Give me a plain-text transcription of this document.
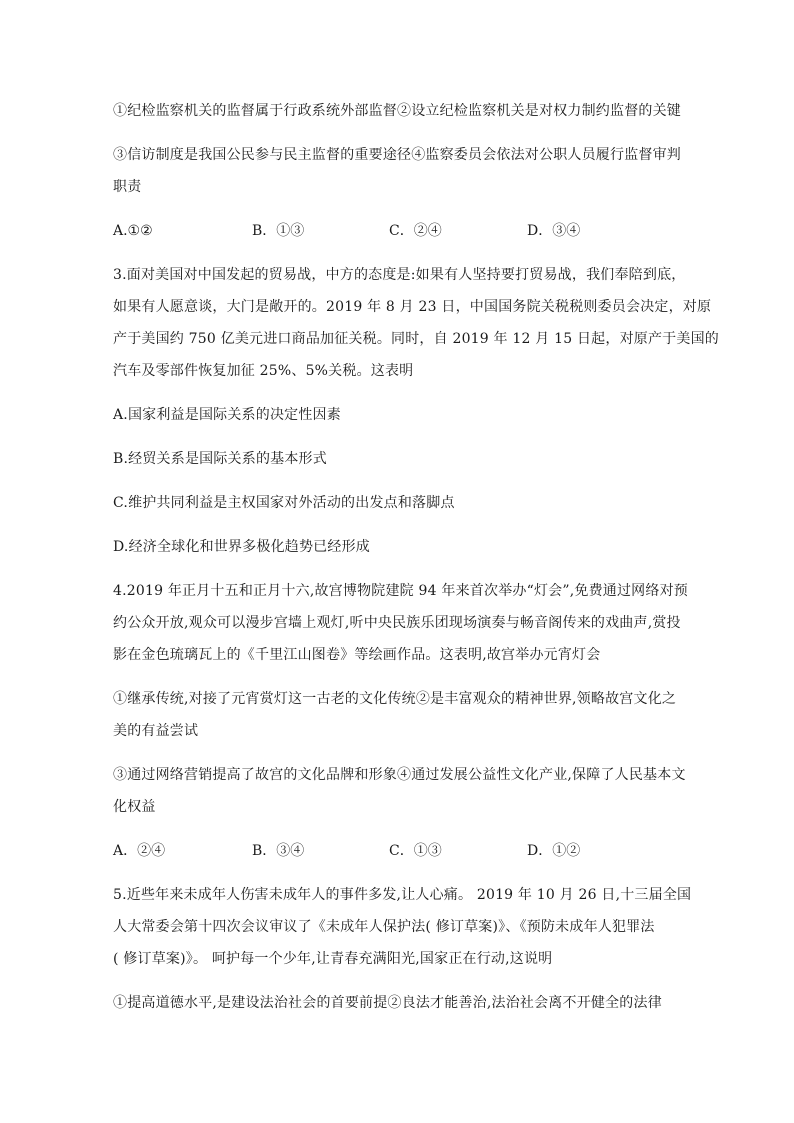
①纪检监察机关的监督属于行政系统外部监督②设立纪检监察机关是对权力制约监督的关键
③信访制度是我国公民参与民主监督的重要途径④监察委员会依法对公职人员履行监督审判
职责
A.①②	B．①③	C．②④	D．③④
3.面对美国对中国发起的贸易战，中方的态度是:如果有人坚持要打贸易战，我们奉陪到底，
如果有人愿意谈，大门是敞开的。2019 年 8 月 23 日，中国国务院关税税则委员会决定，对原
产于美国约 750 亿美元进口商品加征关税。同时，自 2019 年 12 月 15 日起，对原产于美国的
汽车及零部件恢复加征 25%、5%关税。这表明
A.国家利益是国际关系的决定性因素
B.经贸关系是国际关系的基本形式
C.维护共同利益是主权国家对外活动的出发点和落脚点
D.经济全球化和世界多极化趋势已经形成
4.2019 年正月十五和正月十六,故宫博物院建院 94 年来首次举办“灯会”,免费通过网络对预
约公众开放,观众可以漫步宫墙上观灯,听中央民族乐团现场演奏与畅音阁传来的戏曲声,赏投
影在金色琉璃瓦上的《千里江山图卷》等绘画作品。这表明,故宫举办元宵灯会
①继承传统,对接了元宵赏灯这一古老的文化传统②是丰富观众的精神世界,领略故宫文化之
美的有益尝试
③通过网络营销提高了故宫的文化品牌和形象④通过发展公益性文化产业,保障了人民基本文
化权益
A．②④	B．③④	C．①③	D．①②
5.近些年来未成年人伤害未成年人的事件多发,让人心痛。 2019 年 10 月 26 日,十三届全国
人大常委会第十四次会议审议了《未成年人保护法( 修订草案)》、《预防未成年人犯罪法
( 修订草案)》。 呵护每一个少年,让青春充满阳光,国家正在行动,这说明
①提高道德水平,是建设法治社会的首要前提②良法才能善治,法治社会离不开健全的法律
